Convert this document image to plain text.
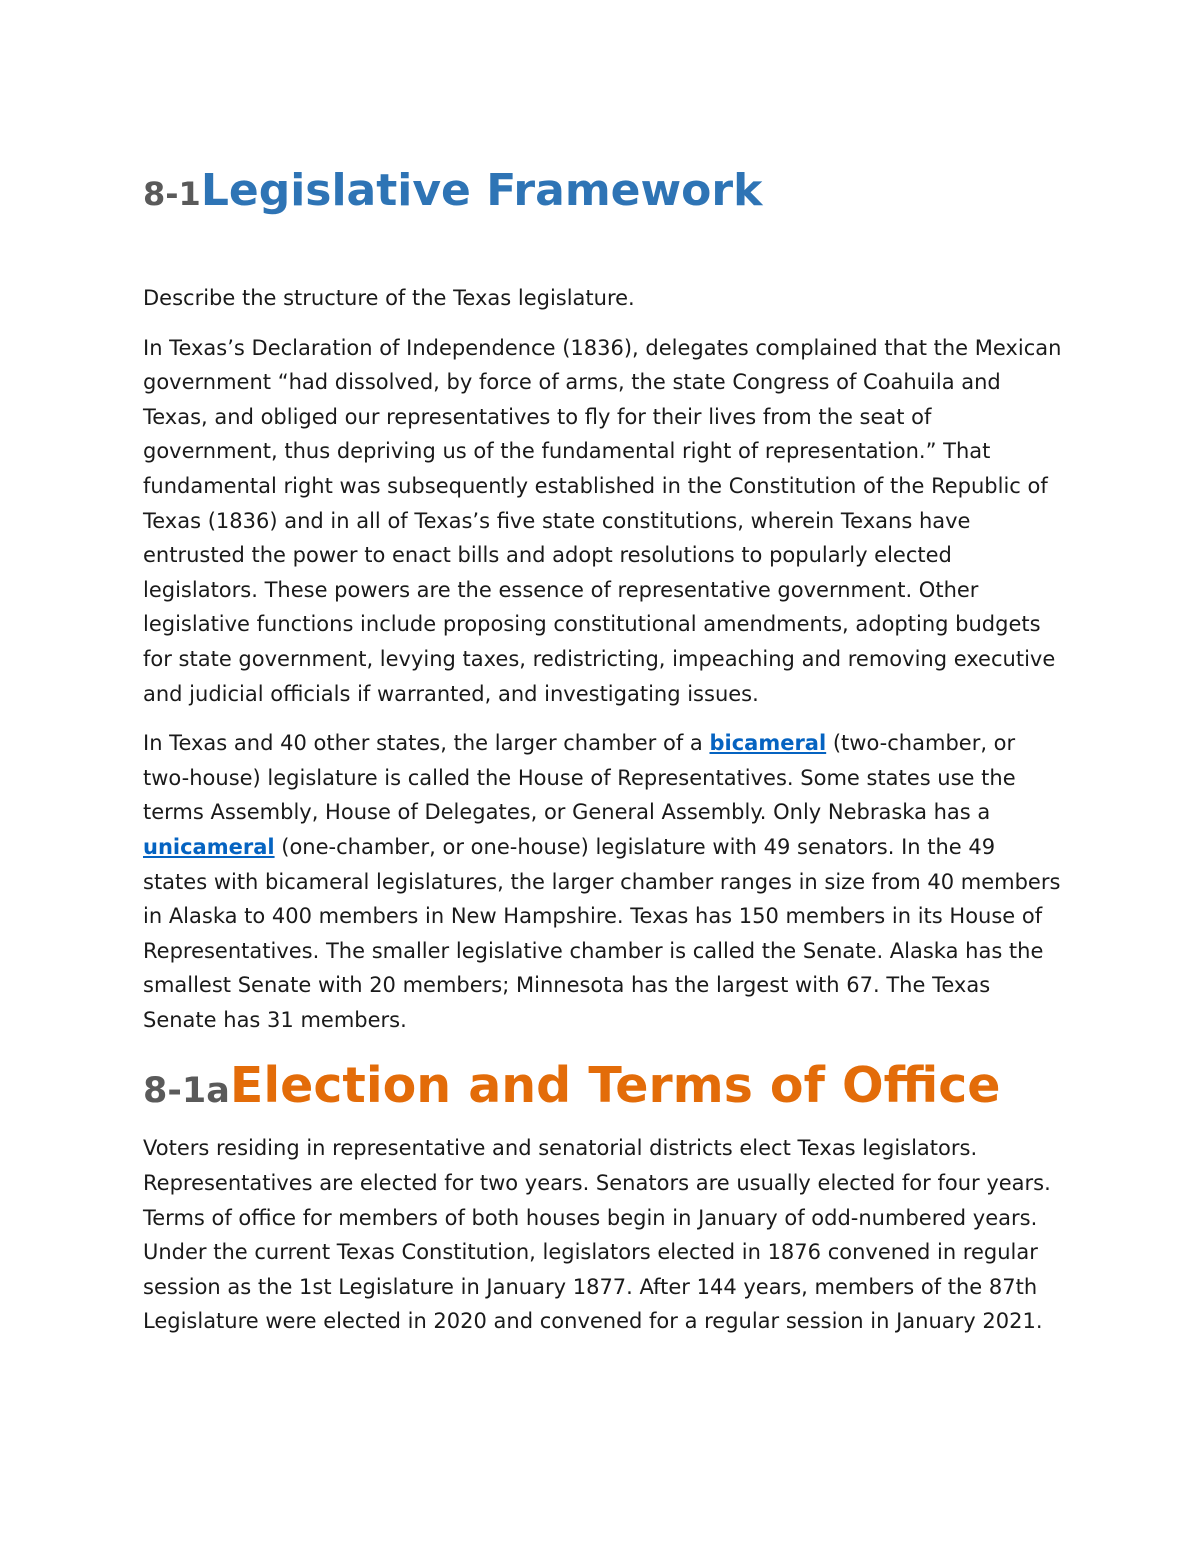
8-1Legislative Framework

Describe the structure of the Texas legislature.

In Texas’s Declaration of Independence (1836), delegates complained that the Mexican government “had dissolved, by force of arms, the state Congress of Coahuila and Texas, and obliged our representatives to fly for their lives from the seat of government, thus depriving us of the fundamental right of representation.” That fundamental right was subsequently established in the Constitution of the Republic of Texas (1836) and in all of Texas’s five state constitutions, wherein Texans have entrusted the power to enact bills and adopt resolutions to popularly elected legislators. These powers are the essence of representative government. Other legislative functions include proposing constitutional amendments, adopting budgets for state government, levying taxes, redistricting, impeaching and removing executive and judicial officials if warranted, and investigating issues.

In Texas and 40 other states, the larger chamber of a bicameral (two-chamber, or two-house) legislature is called the House of Representatives. Some states use the terms Assembly, House of Delegates, or General Assembly. Only Nebraska has a unicameral (one-chamber, or one-house) legislature with 49 senators. In the 49 states with bicameral legislatures, the larger chamber ranges in size from 40 members in Alaska to 400 members in New Hampshire. Texas has 150 members in its House of Representatives. The smaller legislative chamber is called the Senate. Alaska has the smallest Senate with 20 members; Minnesota has the largest with 67. The Texas Senate has 31 members.

8-1aElection and Terms of Office

Voters residing in representative and senatorial districts elect Texas legislators. Representatives are elected for two years. Senators are usually elected for four years. Terms of office for members of both houses begin in January of odd-numbered years. Under the current Texas Constitution, legislators elected in 1876 convened in regular session as the 1st Legislature in January 1877. After 144 years, members of the 87th Legislature were elected in 2020 and convened for a regular session in January 2021.
